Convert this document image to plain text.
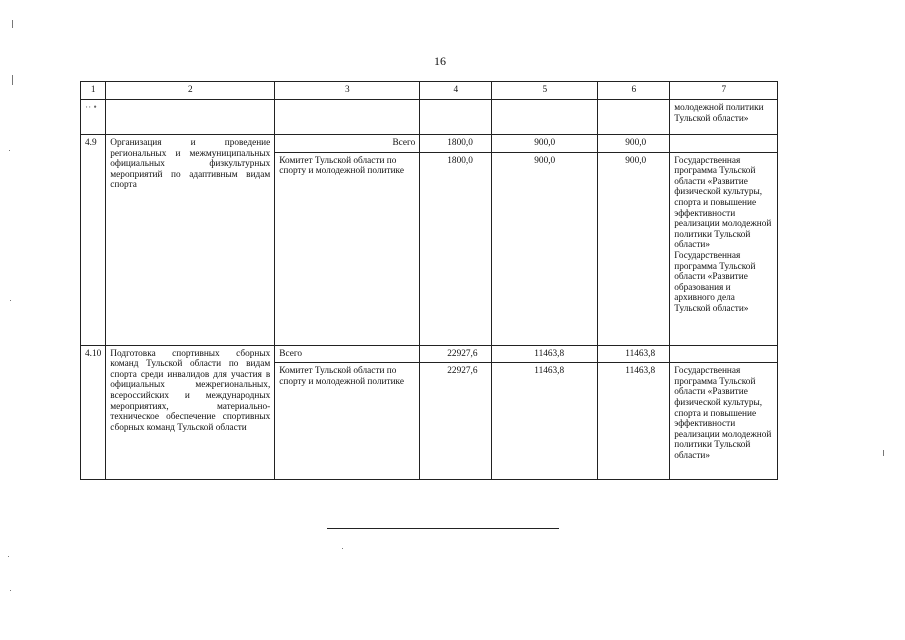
16
1	2	3	4	5	6	7
·· •						молодежной политики Тульской области»
4.9	Организация и проведение региональных и межмуниципальных официальных физкультурных мероприятий по адаптивным видам спорта	Всего	1800,0	900,0	900,0	
		Комитет Тульской области по спорту и молодежной политике	1800,0	900,0	900,0	Государственная программа Тульской области «Развитие физической культуры, спорта и повышение эффективности реализации молодежной политики Тульской области» Государственная программа Тульской области «Развитие образования и архивного дела Тульской области»
4.10	Подготовка спортивных сборных команд Тульской области по видам спорта среди инвалидов для участия в официальных межрегиональных, всероссийских и международных мероприятиях, материально-техническое обеспечение спортивных сборных команд Тульской области	Всего	22927,6	11463,8	11463,8	
		Комитет Тульской области по спорту и молодежной политике	22927,6	11463,8	11463,8	Государственная программа Тульской области «Развитие физической культуры, спорта и повышение эффективности реализации молодежной политики Тульской области»
